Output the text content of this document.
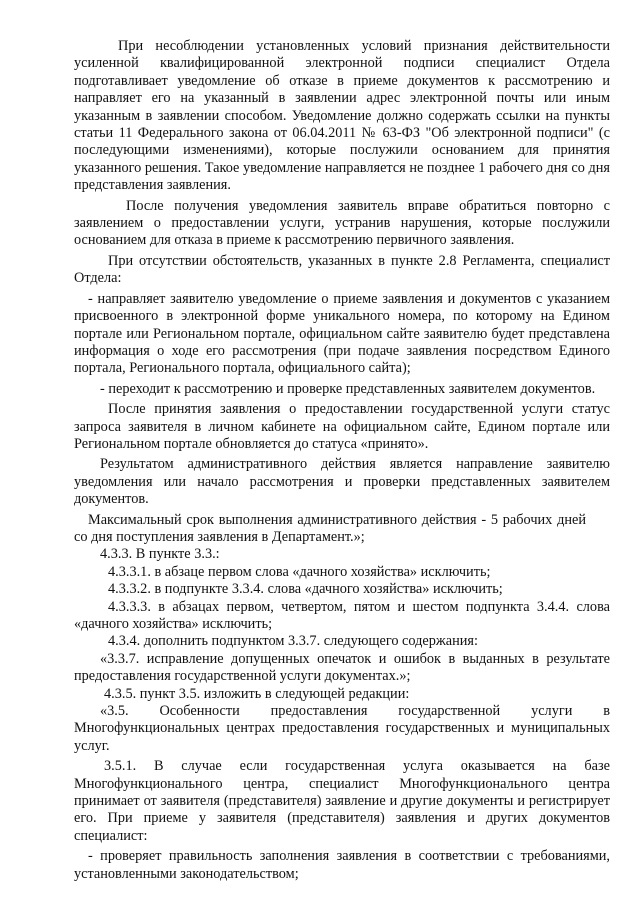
При несоблюдении установленных условий признания действительности усиленной квалифицированной электронной подписи специалист Отдела подготавливает уведомление об отказе в приеме документов к рассмотрению и направляет его на указанный в заявлении адрес электронной почты или иным указанным в заявлении способом. Уведомление должно содержать ссылки на пункты статьи 11 Федерального закона от 06.04.2011 № 63-ФЗ "Об электронной подписи" (с последующими изменениями), которые послужили основанием для принятия указанного решения. Такое уведомление направляется не позднее 1 рабочего дня со дня представления заявления.

После получения уведомления заявитель вправе обратиться повторно с заявлением о предоставлении услуги, устранив нарушения, которые послужили основанием для отказа в приеме к рассмотрению первичного заявления.

При отсутствии обстоятельств, указанных в пункте 2.8 Регламента, специалист Отдела:

- направляет заявителю уведомление о приеме заявления и документов с указанием присвоенного в электронной форме уникального номера, по которому на Едином портале или Региональном портале, официальном сайте заявителю будет представлена информация о ходе его рассмотрения (при подаче заявления посредством Единого портала, Регионального портала, официального сайта);

- переходит к рассмотрению и проверке представленных заявителем документов.

После принятия заявления о предоставлении государственной услуги статус запроса заявителя в личном кабинете на официальном сайте, Едином портале или Региональном портале обновляется до статуса «принято».

Результатом административного действия является направление заявителю уведомления или начало рассмотрения и проверки представленных заявителем документов.

Максимальный срок выполнения административного действия - 5 рабочих дней со дня поступления заявления в Департамент.»;

4.3.3. В пункте 3.3.:

4.3.3.1. в абзаце первом слова «дачного хозяйства» исключить;

4.3.3.2. в подпункте 3.3.4. слова «дачного хозяйства» исключить;

4.3.3.3. в абзацах первом, четвертом, пятом и шестом подпункта 3.4.4. слова «дачного хозяйства» исключить;

4.3.4. дополнить подпунктом 3.3.7. следующего содержания:

«3.3.7. исправление допущенных опечаток и ошибок в выданных в результате предоставления государственной услуги документах.»;

4.3.5. пункт 3.5. изложить в следующей редакции:

«3.5. Особенности предоставления государственной услуги в Многофункциональных центрах предоставления государственных и муниципальных услуг.

3.5.1. В случае если государственная услуга оказывается на базе Многофункционального центра, специалист Многофункционального центра принимает от заявителя (представителя) заявление и другие документы и регистрирует его. При приеме у заявителя (представителя) заявления и других документов специалист:

- проверяет правильность заполнения заявления в соответствии с требованиями, установленными законодательством;
